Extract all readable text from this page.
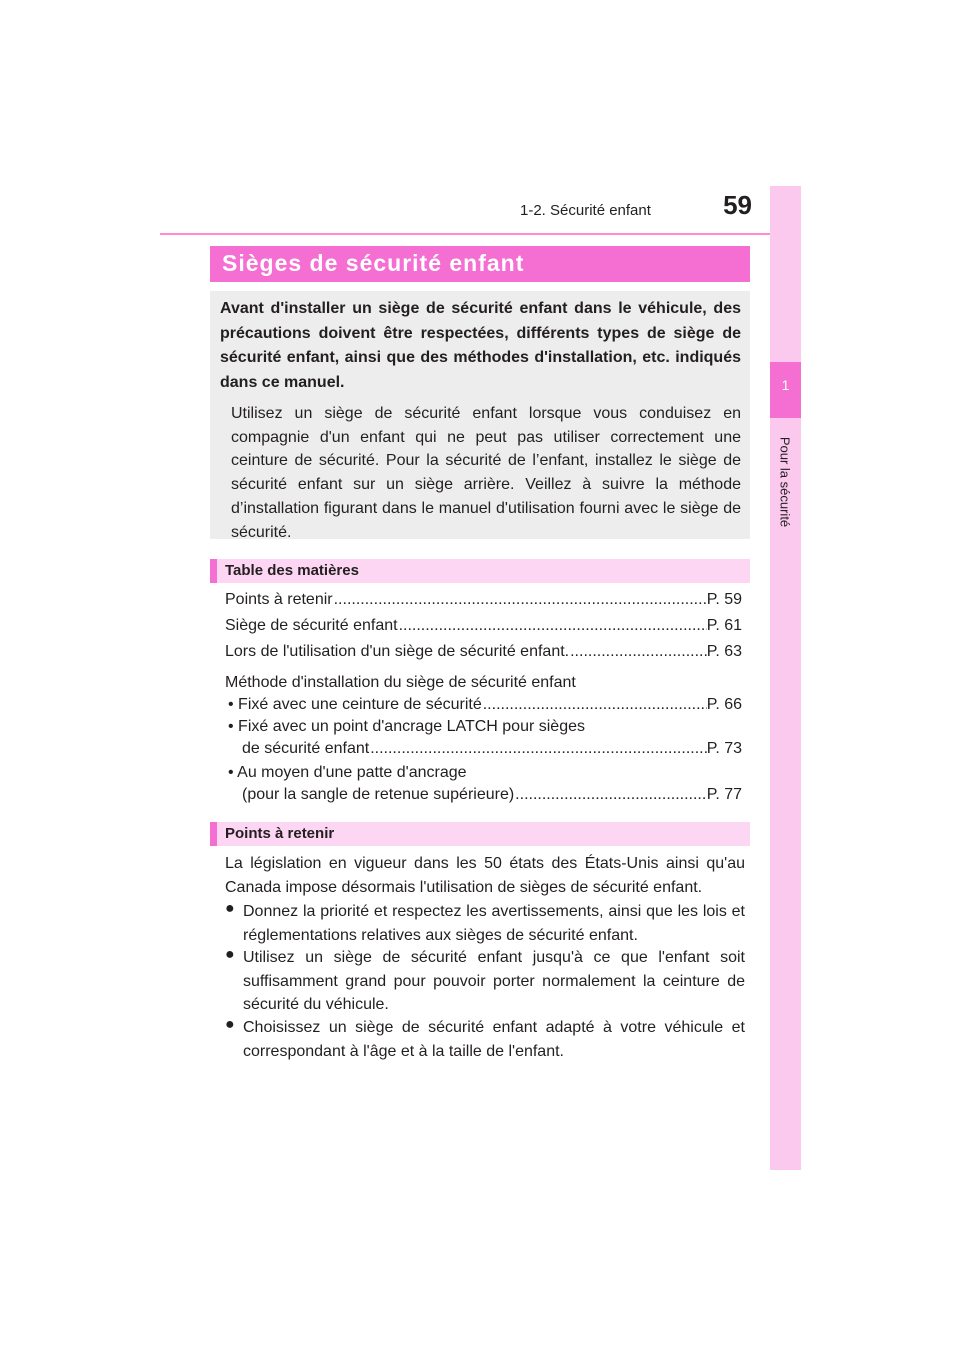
1-2. Sécurité enfant	59
1
Pour la sécurité
Sièges de sécurité enfant
Avant d'installer un siège de sécurité enfant dans le véhicule, des précautions doivent être respectées, différents types de siège de sécurité enfant, ainsi que des méthodes d'installation, etc. indiqués dans ce manuel.
Utilisez un siège de sécurité enfant lorsque vous conduisez en compagnie d'un enfant qui ne peut pas utiliser correctement une ceinture de sécurité. Pour la sécurité de l’enfant, installez le siège de sécurité enfant sur un siège arrière. Veillez à suivre la méthode d’installation figurant dans le manuel d'utilisation fourni avec le siège de sécurité.
Table des matières
Points à retenir .....	P. 59
Siège de sécurité enfant .....	P. 61
Lors de l'utilisation d'un siège de sécurité enfant. .....	P. 63
Méthode d'installation du siège de sécurité enfant
• Fixé avec une ceinture de sécurité .....	P. 66
• Fixé avec un point d'ancrage LATCH pour sièges
de sécurité enfant .....	P. 73
• Au moyen d'une patte d'ancrage
(pour la sangle de retenue supérieure) .....	P. 77
Points à retenir
La législation en vigueur dans les 50 états des États-Unis ainsi qu'au Canada impose désormais l'utilisation de sièges de sécurité enfant.
● Donnez la priorité et respectez les avertissements, ainsi que les lois et réglementations relatives aux sièges de sécurité enfant.
● Utilisez un siège de sécurité enfant jusqu'à ce que l'enfant soit suffisamment grand pour pouvoir porter normalement la ceinture de sécurité du véhicule.
● Choisissez un siège de sécurité enfant adapté à votre véhicule et correspondant à l'âge et à la taille de l'enfant.
